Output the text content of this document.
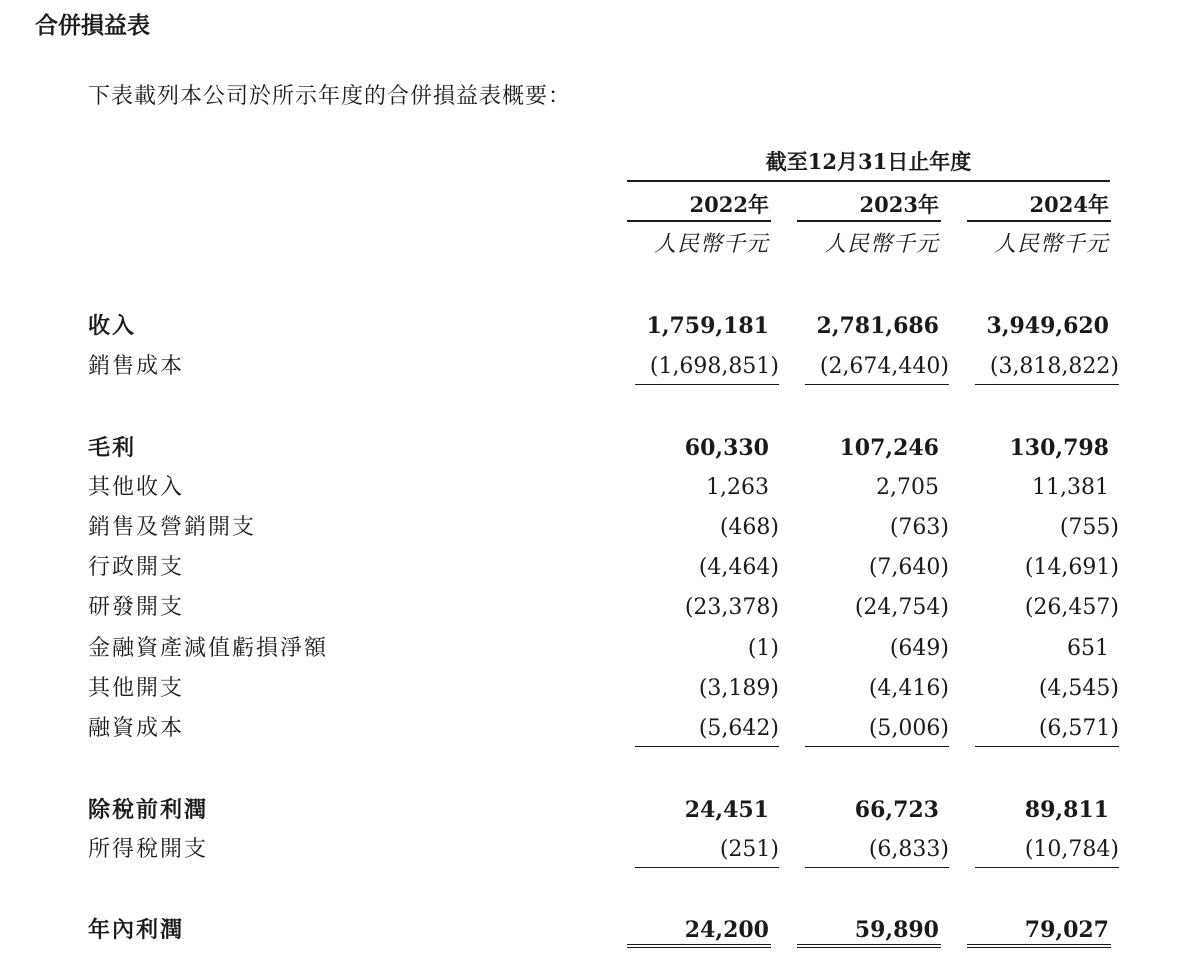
合併損益表

下表載列本公司於所示年度的合併損益表概要：

截至12月31日止年度
2022年	2023年	2024年
人民幣千元	人民幣千元	人民幣千元
收入	1,759,181	2,781,686	3,949,620
銷售成本	(1,698,851)	(2,674,440)	(3,818,822)
毛利	60,330	107,246	130,798
其他收入	1,263	2,705	11,381
銷售及營銷開支	(468)	(763)	(755)
行政開支	(4,464)	(7,640)	(14,691)
研發開支	(23,378)	(24,754)	(26,457)
金融資產減值虧損淨額	(1)	(649)	651
其他開支	(3,189)	(4,416)	(4,545)
融資成本	(5,642)	(5,006)	(6,571)
除稅前利潤	24,451	66,723	89,811
所得稅開支	(251)	(6,833)	(10,784)
年內利潤	24,200	59,890	79,027
